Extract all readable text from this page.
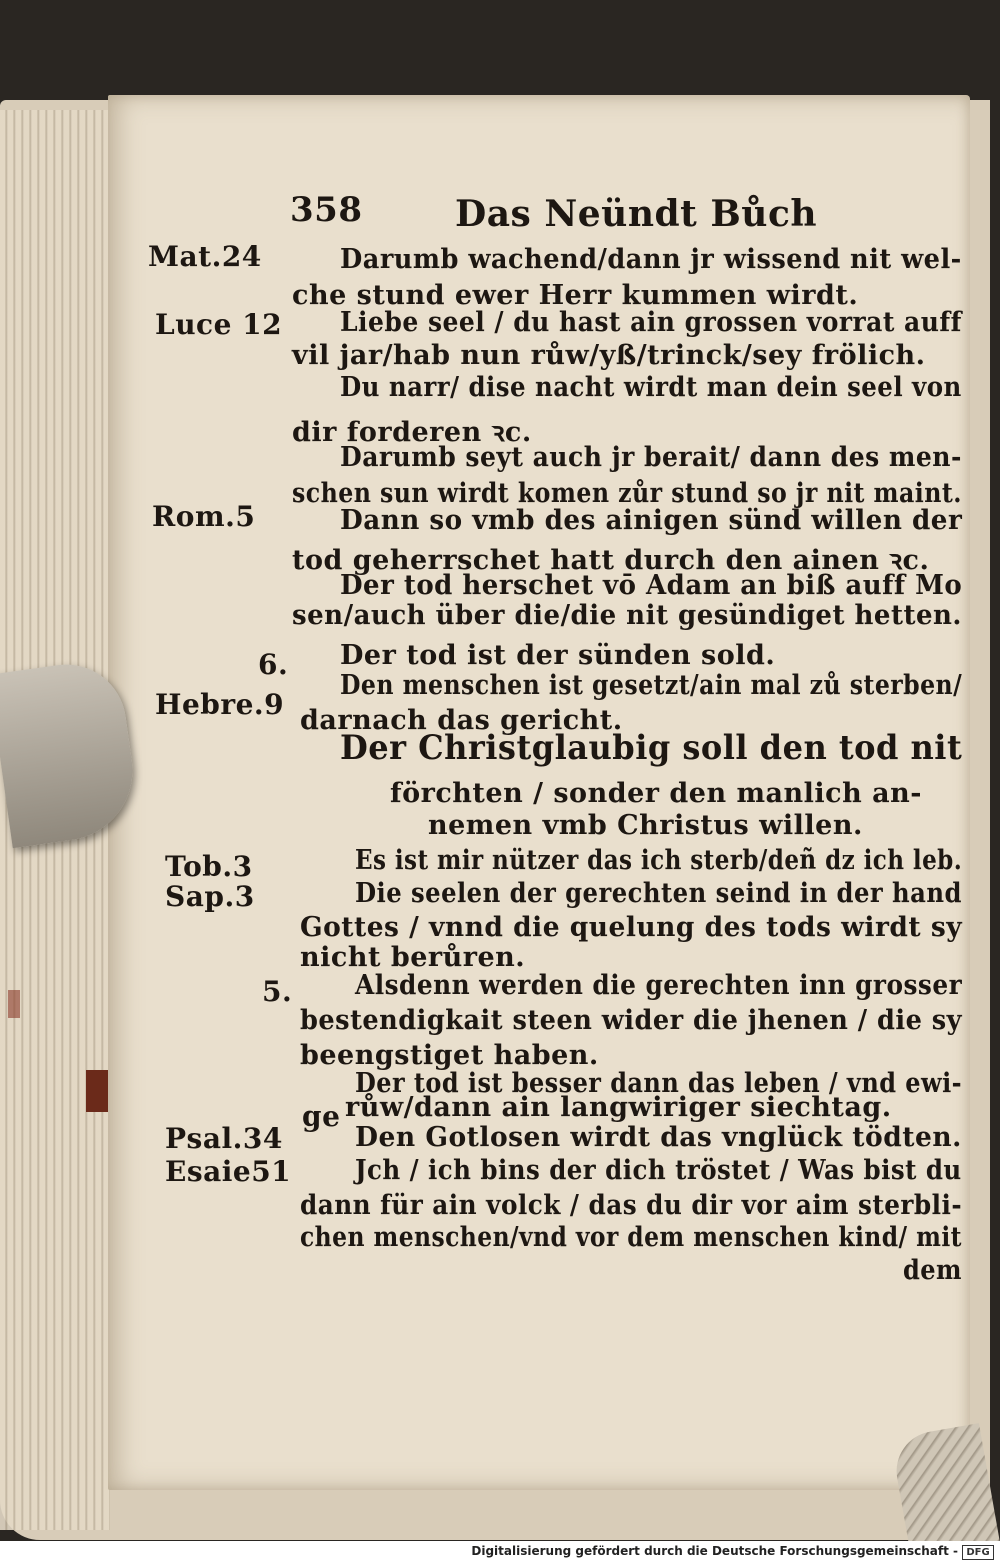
358	Das Neündt Bůch
Mat.24
Luce 12
Rom.5
6.
Hebre.9
Tob.3
Sap.3
5.
ge
Psal.34
Esaie51
Darumb wachend/dann jr wissend nit wel-
che stund ewer Herr kummen wirdt.
Liebe seel / du hast ain grossen vorrat auff
vil jar/hab nun růw/yß/trinck/sey frölich.
Du narr/ dise nacht wirdt man dein seel von
dir forderen ꝛc.
Darumb seyt auch jr berait/ dann des men-
schen sun wirdt komen zůr stund so jr nit maint.
Dann so vmb des ainigen sünd willen der
tod geherrschet hatt durch den ainen ꝛc.
Der tod herschet vō Adam an biß auff Mo
sen/auch über die/die nit gesündiget hetten.
Der tod ist der sünden sold.
Den menschen ist gesetzt/ain mal zů sterben/
darnach das gericht.
Der Christglaubig soll den tod nit
förchten / sonder den manlich an-
nemen vmb Christus willen.
Es ist mir nützer das ich sterb/deñ dz ich leb.
Die seelen der gerechten seind in der hand
Gottes / vnnd die quelung des tods wirdt sy
nicht berůren.
Alsdenn werden die gerechten inn grosser
bestendigkait steen wider die jhenen / die sy
beengstiget haben.
Der tod ist besser dann das leben / vnd ewi-
růw/dann ain langwiriger siechtag.
Den Gotlosen wirdt das vnglück tödten.
Jch / ich bins der dich tröstet / Was bist du
dann für ain volck / das du dir vor aim sterbli-
chen menschen/vnd vor dem menschen kind/ mit
dem
Digitalisierung gefördert durch die Deutsche Forschungsgemeinschaft - DFG
